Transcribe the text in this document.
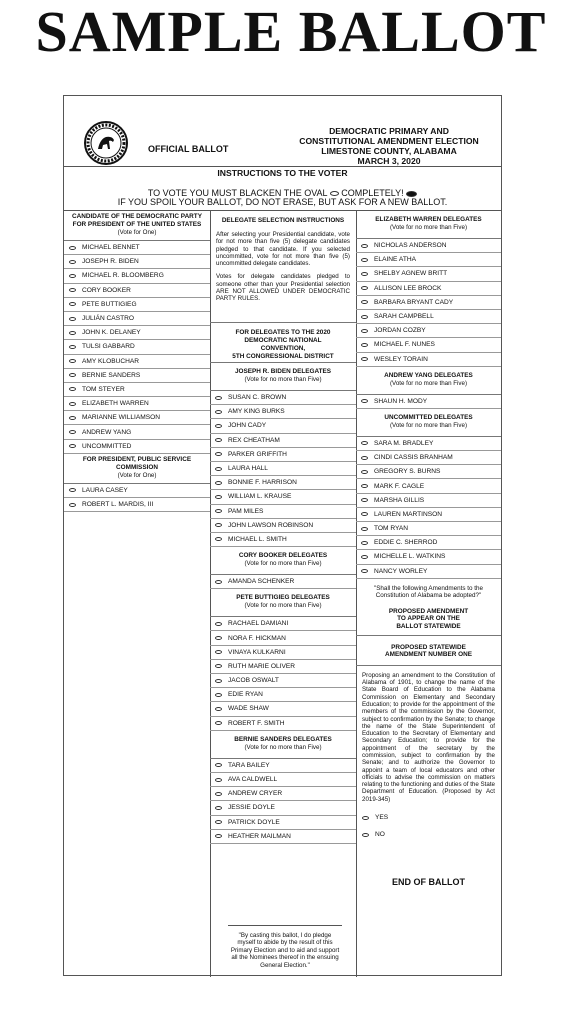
SAMPLE BALLOT
OFFICIAL BALLOT
DEMOCRATIC PRIMARY AND
CONSTITUTIONAL AMENDMENT ELECTION
LIMESTONE COUNTY, ALABAMA
MARCH 3, 2020
INSTRUCTIONS TO THE VOTER
TO VOTE YOU MUST BLACKEN THE OVAL COMPLETELY!
IF YOU SPOIL YOUR BALLOT, DO NOT ERASE, BUT ASK FOR A NEW BALLOT.
CANDIDATE OF THE DEMOCRATIC PARTY FOR PRESIDENT OF THE UNITED STATES
(Vote for One)
MICHAEL BENNET
JOSEPH R. BIDEN
MICHAEL R. BLOOMBERG
CORY BOOKER
PETE BUTTIGIEG
JULIÁN CASTRO
JOHN K. DELANEY
TULSI GABBARD
AMY KLOBUCHAR
BERNIE SANDERS
TOM STEYER
ELIZABETH WARREN
MARIANNE WILLIAMSON
ANDREW YANG
UNCOMMITTED
FOR PRESIDENT, PUBLIC SERVICE COMMISSION
(Vote for One)
LAURA CASEY
ROBERT L. MARDIS, III
DELEGATE SELECTION INSTRUCTIONS
After selecting your Presidential candidate, vote for not more than five (5) delegate candidates pledged to that candidate. If you selected uncommitted, vote for not more than five (5) uncommitted delegate candidates.
Votes for delegate candidates pledged to someone other than your Presidential selection ARE NOT ALLOWED UNDER DEMOCRATIC PARTY RULES.
FOR DELEGATES TO THE 2020
DEMOCRATIC NATIONAL
CONVENTION,
5TH CONGRESSIONAL DISTRICT
JOSEPH R. BIDEN DELEGATES
(Vote for no more than Five)
SUSAN C. BROWN
AMY KING BURKS
JOHN CADY
REX CHEATHAM
PARKER GRIFFITH
LAURA HALL
BONNIE F. HARRISON
WILLIAM L. KRAUSE
PAM MILES
JOHN LAWSON ROBINSON
MICHAEL L. SMITH
CORY BOOKER DELEGATES
(Vote for no more than Five)
AMANDA SCHENKER
PETE BUTTIGIEG DELEGATES
(Vote for no more than Five)
RACHAEL DAMIANI
NORA F. HICKMAN
VINAYA KULKARNI
RUTH MARIE OLIVER
JACOB OSWALT
EDIE RYAN
WADE SHAW
ROBERT F. SMITH
BERNIE SANDERS DELEGATES
(Vote for no more than Five)
TARA BAILEY
AVA CALDWELL
ANDREW CRYER
JESSIE DOYLE
PATRICK DOYLE
HEATHER MAILMAN
"By casting this ballot, I do pledge myself to abide by the result of this Primary Election and to aid and support all the Nominees thereof in the ensuing General Election."
ELIZABETH WARREN DELEGATES
(Vote for no more than Five)
NICHOLAS ANDERSON
ELAINE ATHA
SHELBY AGNEW BRITT
ALLISON LEE BROCK
BARBARA BRYANT CADY
SARAH CAMPBELL
JORDAN COZBY
MICHAEL F. NUNES
WESLEY TORAIN
ANDREW YANG DELEGATES
(Vote for no more than Five)
SHAUN H. MODY
UNCOMMITTED DELEGATES
(Vote for no more than Five)
SARA M. BRADLEY
CINDI CASSIS BRANHAM
GREGORY S. BURNS
MARK F. CAGLE
MARSHA GILLIS
LAUREN MARTINSON
TOM RYAN
EDDIE C. SHERROD
MICHELLE L. WATKINS
NANCY WORLEY
"Shall the following Amendments to the Constitution of Alabama be adopted?"
PROPOSED AMENDMENT
TO APPEAR ON THE
BALLOT STATEWIDE
PROPOSED STATEWIDE
AMENDMENT NUMBER ONE
Proposing an amendment to the Constitution of Alabama of 1901, to change the name of the State Board of Education to the Alabama Commission on Elementary and Secondary Education; to provide for the appointment of the members of the commission by the Governor, subject to confirmation by the Senate; to change the name of the State Superintendent of Education to the Secretary of Elementary and Secondary Education; to provide for the appointment of the secretary by the commission, subject to confirmation by the Senate; and to authorize the Governor to appoint a team of local educators and other officials to advise the commission on matters relating to the functioning and duties of the State Department of Education. (Proposed by Act 2019-345)
YES
NO
END OF BALLOT
